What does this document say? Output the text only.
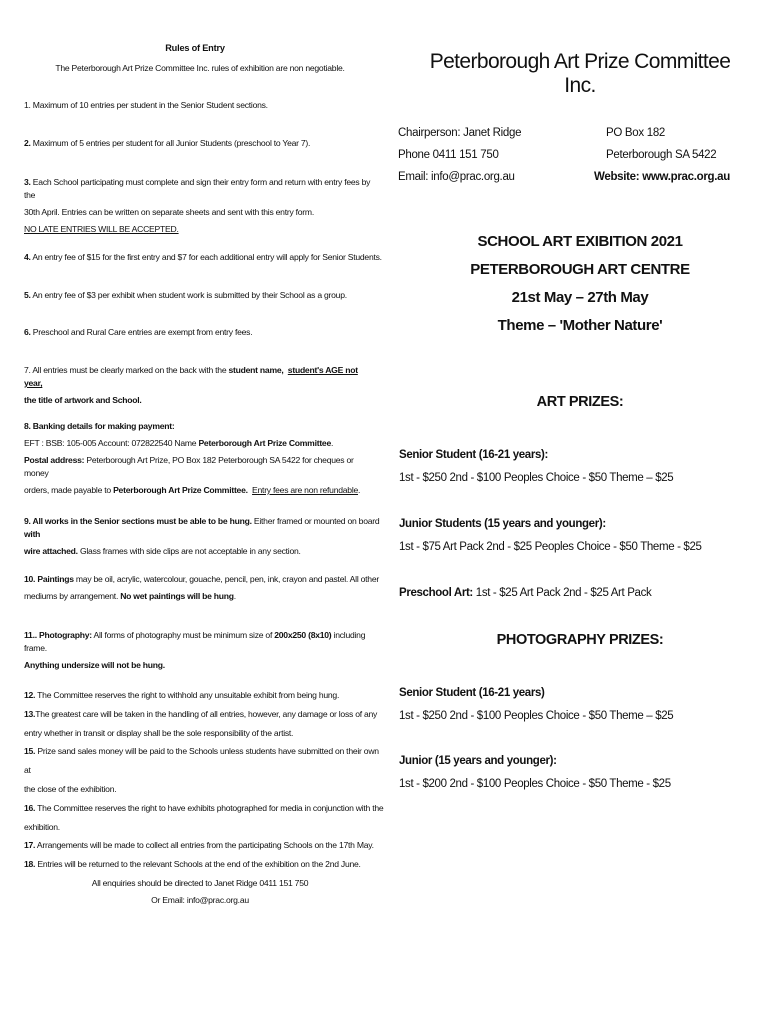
Rules of Entry
The Peterborough Art Prize Committee Inc. rules of exhibition are non negotiable.
1. Maximum of 10 entries per student in the Senior Student sections.
2. Maximum of 5 entries per student for all Junior Students (preschool to Year 7).
3. Each School participating must complete and sign their entry form and return with entry fees by the
30th April. Entries can be written on separate sheets and sent with this entry form.
NO LATE ENTRIES WILL BE ACCEPTED.
4. An entry fee of $15 for the first entry and $7 for each additional entry will apply for Senior Students.
5. An entry fee of $3 per exhibit when student work is submitted by their School as a group.
6. Preschool and Rural Care entries are exempt from entry fees.
7. All entries must be clearly marked on the back with the student name, student's AGE not year,
the title of artwork and School.
8. Banking details for making payment:
EFT : BSB: 105-005 Account: 072822540 Name Peterborough Art Prize Committee.
Postal address: Peterborough Art Prize, PO Box 182 Peterborough SA 5422 for cheques or money
orders, made payable to Peterborough Art Prize Committee. Entry fees are non refundable.
9. All works in the Senior sections must be able to be hung. Either framed or mounted on board with
wire attached. Glass frames with side clips are not acceptable in any section.
10. Paintings may be oil, acrylic, watercolour, gouache, pencil, pen, ink, crayon and pastel. All other
mediums by arrangement. No wet paintings will be hung.
11.. Photography: All forms of photography must be minimum size of 200x250 (8x10) including frame.
Anything undersize will not be hung.
12. The Committee reserves the right to withhold any unsuitable exhibit from being hung.
13.The greatest care will be taken in the handling of all entries, however, any damage or loss of any
entry whether in transit or display shall be the sole responsibility of the artist.
15. Prize sand sales money will be paid to the Schools unless students have submitted on their own at
the close of the exhibition.
16. The Committee reserves the right to have exhibits photographed for media in conjunction with the
exhibition.
17. Arrangements will be made to collect all entries from the participating Schools on the 17th May.
18. Entries will be returned to the relevant Schools at the end of the exhibition on the 2nd June.
All enquiries should be directed to Janet Ridge 0411 151 750
Or Email: info@prac.org.au
Peterborough Art Prize Committee Inc.
Chairperson: Janet Ridge
Phone 0411 151 750
Email: info@prac.org.au
PO Box 182
Peterborough SA 5422
Website: www.prac.org.au
SCHOOL ART EXIBITION 2021
PETERBOROUGH ART CENTRE
21st May – 27th May
Theme – 'Mother Nature'
ART PRIZES:
Senior Student (16-21 years):
1st - $250 2nd - $100 Peoples Choice - $50 Theme – $25
Junior Students (15 years and younger):
1st - $75 Art Pack 2nd - $25 Peoples Choice - $50 Theme - $25
Preschool Art: 1st - $25 Art Pack 2nd - $25 Art Pack
PHOTOGRAPHY PRIZES:
Senior Student (16-21 years)
1st - $250 2nd - $100 Peoples Choice - $50 Theme – $25
Junior (15 years and younger):
1st - $200 2nd - $100 Peoples Choice - $50 Theme - $25
